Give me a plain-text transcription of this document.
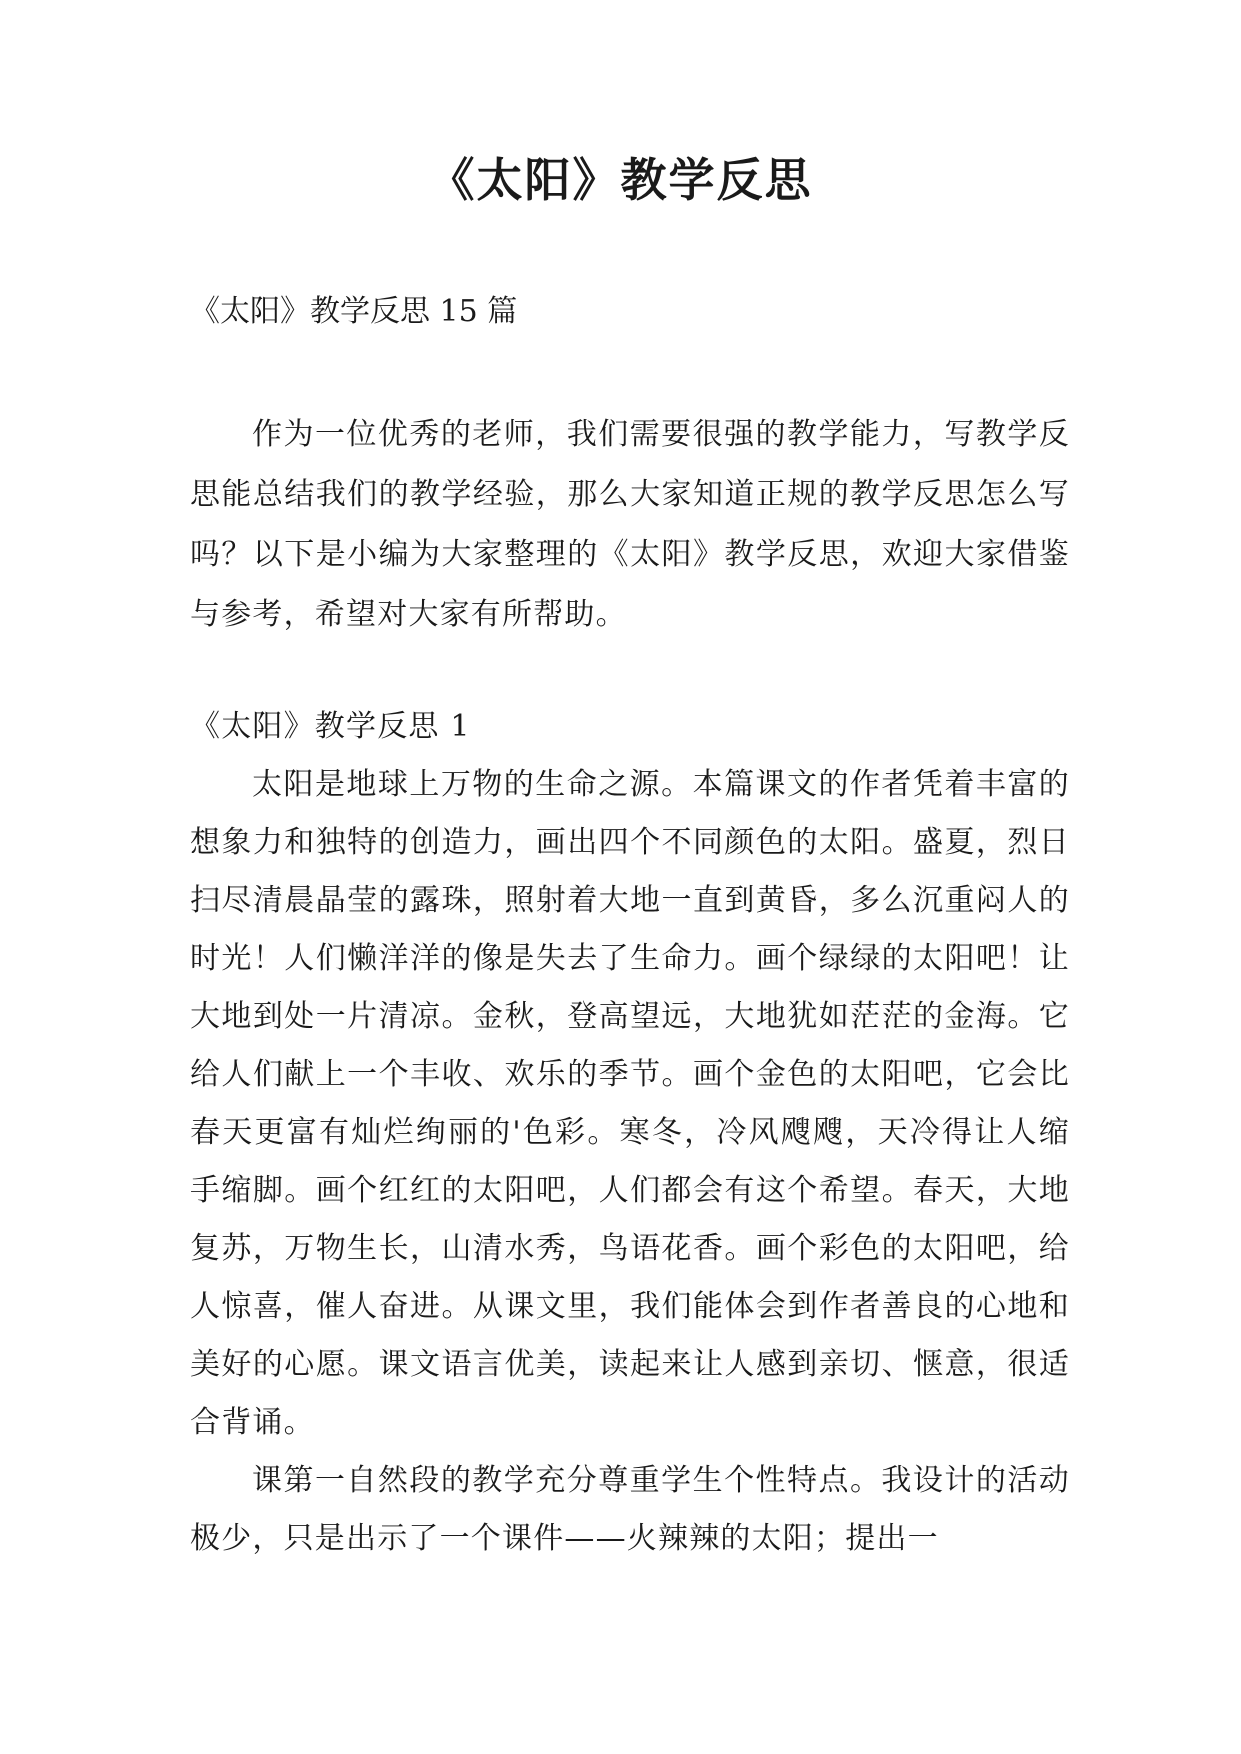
《太阳》教学反思
《太阳》教学反思 15 篇

作为一位优秀的老师，我们需要很强的教学能力，写教学反思能总结我们的教学经验，那么大家知道正规的教学反思怎么写吗？以下是小编为大家整理的《太阳》教学反思，欢迎大家借鉴与参考，希望对大家有所帮助。

《太阳》教学反思 1

太阳是地球上万物的生命之源。本篇课文的作者凭着丰富的想象力和独特的创造力，画出四个不同颜色的太阳。盛夏，烈日扫尽清晨晶莹的露珠，照射着大地一直到黄昏，多么沉重闷人的时光！人们懒洋洋的像是失去了生命力。画个绿绿的太阳吧！让大地到处一片清凉。金秋，登高望远，大地犹如茫茫的金海。它给人们献上一个丰收、欢乐的季节。画个金色的太阳吧，它会比春天更富有灿烂绚丽的'色彩。寒冬，冷风飕飕，天冷得让人缩手缩脚。画个红红的太阳吧，人们都会有这个希望。春天，大地复苏，万物生长，山清水秀，鸟语花香。画个彩色的太阳吧，给人惊喜，催人奋进。从课文里，我们能体会到作者善良的心地和美好的心愿。课文语言优美，读起来让人感到亲切、惬意，很适合背诵。

课第一自然段的教学充分尊重学生个性特点。我设计的活动极少，只是出示了一个课件——火辣辣的太阳；提出一
